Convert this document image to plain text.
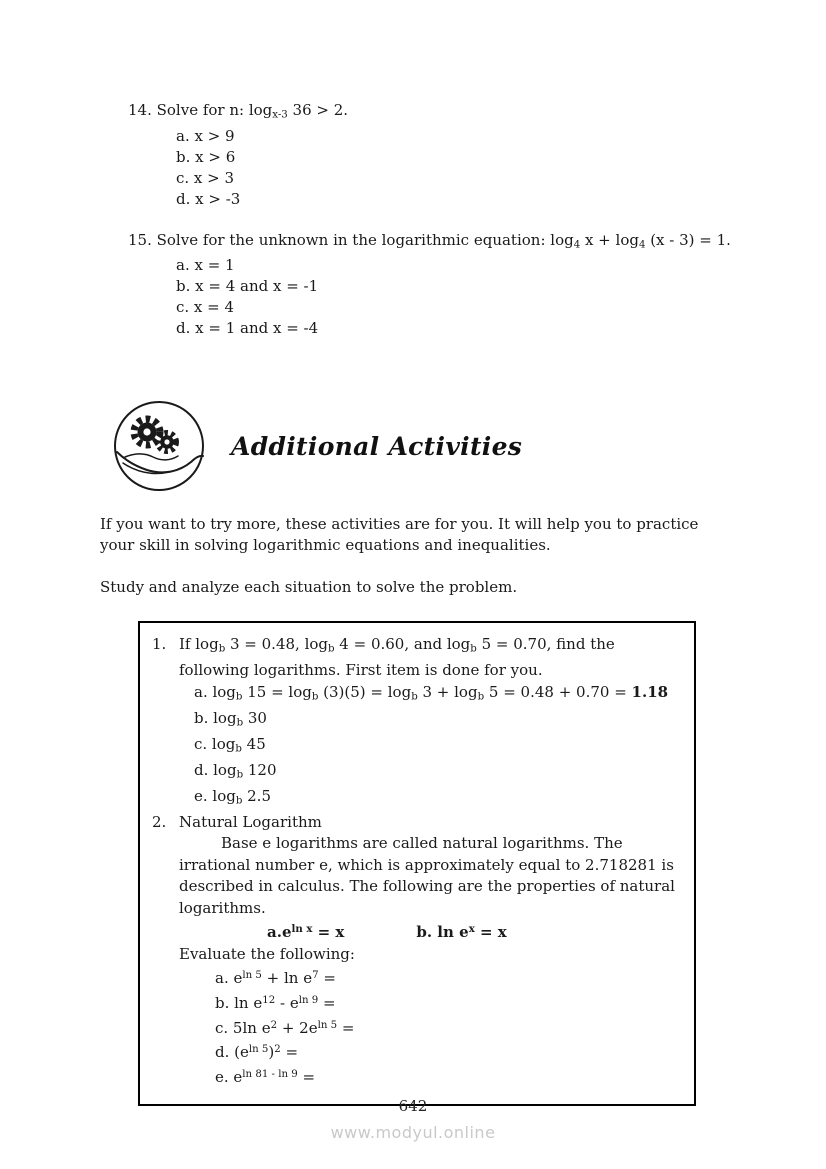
14. Solve for n: logx-3 36 > 2.
a. x > 9
b. x > 6
c. x > 3
d. x > -3
15. Solve for the unknown in the logarithmic equation: log4 x + log4 (x - 3) = 1.
a. x = 1
b. x = 4 and x = -1
c. x = 4
d. x = 1 and x = -4
Additional Activities
If you want to try more, these activities are for you. It will help you to practice your skill in solving logarithmic equations and inequalities.
Study and analyze each situation to solve the problem.
1. If logb 3 = 0.48, logb 4 = 0.60, and logb 5 = 0.70, find the following logarithms. First item is done for you.
a. logb 15 = logb (3)(5) = logb 3 + logb 5 = 0.48 + 0.70 = 1.18
b. logb 30
c. logb 45
d. logb 120
e. logb 2.5
2. Natural Logarithm
Base e logarithms are called natural logarithms. The irrational number e, which is approximately equal to 2.718281 is described in calculus. The following are the properties of natural logarithms.
$a.e^{ln x} = x$	b. $\ln e^x = x$
Evaluate the following:
a. $e^{ln 5} + \ln e^7$ =
b. $\ln e^{12} - e^{ln 9}$ =
c. 5ln $e^2 + 2e^{ln 5}$ =
d. $(e^{ln 5})^2$ =
e. $e^{ln 81 - ln 9}$ =
642
www.modyul.online
